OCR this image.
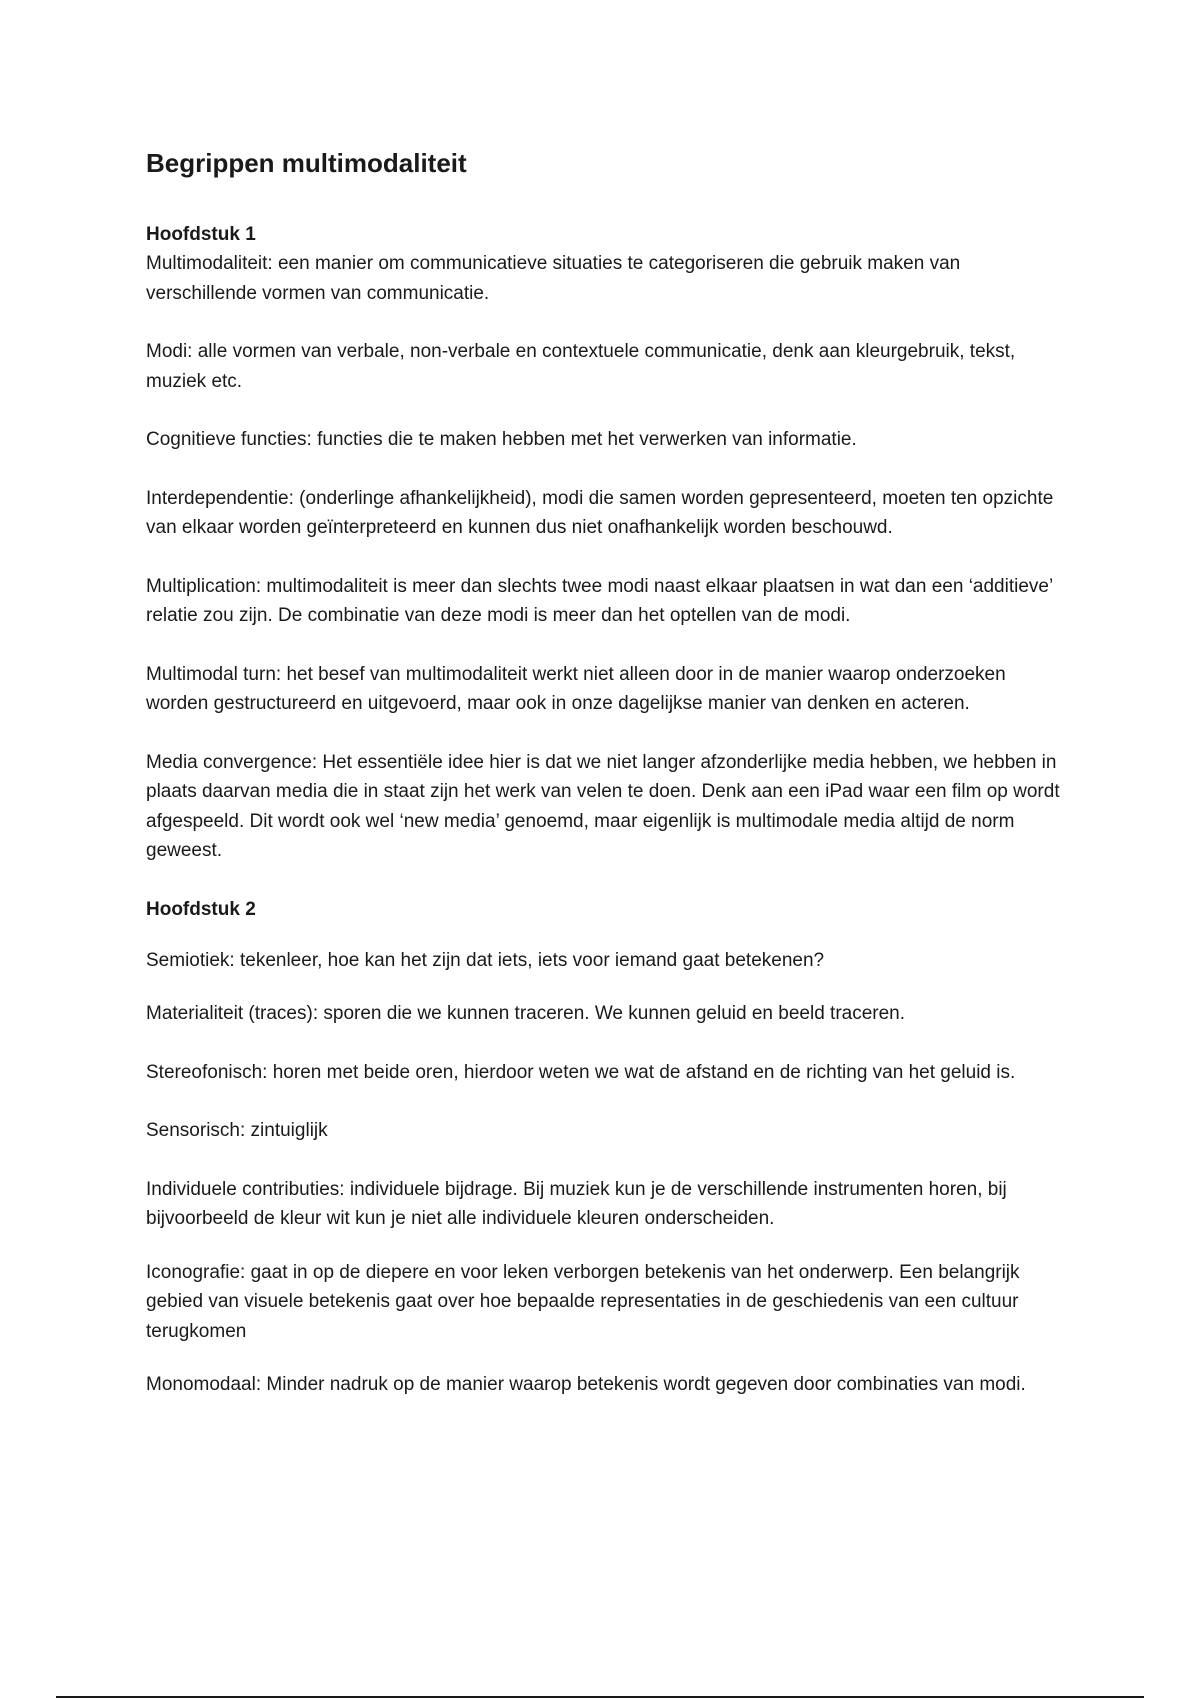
Begrippen multimodaliteit
Hoofdstuk 1

Multimodaliteit: een manier om communicatieve situaties te categoriseren die gebruik maken van verschillende vormen van communicatie.

Modi: alle vormen van verbale, non-verbale en contextuele communicatie, denk aan kleurgebruik, tekst, muziek etc.

Cognitieve functies: functies die te maken hebben met het verwerken van informatie.

Interdependentie: (onderlinge afhankelijkheid), modi die samen worden gepresenteerd, moeten ten opzichte van elkaar worden geïnterpreteerd en kunnen dus niet onafhankelijk worden beschouwd.

Multiplication: multimodaliteit is meer dan slechts twee modi naast elkaar plaatsen in wat dan een ‘additieve’ relatie zou zijn. De combinatie van deze modi is meer dan het optellen van de modi.

Multimodal turn: het besef van multimodaliteit werkt niet alleen door in de manier waarop onderzoeken worden gestructureerd en uitgevoerd, maar ook in onze dagelijkse manier van denken en acteren.

Media convergence: Het essentiële idee hier is dat we niet langer afzonderlijke media hebben, we hebben in plaats daarvan media die in staat zijn het werk van velen te doen. Denk aan een iPad waar een film op wordt afgespeeld. Dit wordt ook wel ‘new media’ genoemd, maar eigenlijk is multimodale media altijd de norm geweest.

Hoofdstuk 2

Semiotiek: tekenleer, hoe kan het zijn dat iets, iets voor iemand gaat betekenen?

Materialiteit (traces): sporen die we kunnen traceren. We kunnen geluid en beeld traceren.

Stereofonisch: horen met beide oren, hierdoor weten we wat de afstand en de richting van het geluid is.

Sensorisch: zintuiglijk

Individuele contributies: individuele bijdrage. Bij muziek kun je de verschillende instrumenten horen, bij bijvoorbeeld de kleur wit kun je niet alle individuele kleuren onderscheiden.

Iconografie: gaat in op de diepere en voor leken verborgen betekenis van het onderwerp. Een belangrijk gebied van visuele betekenis gaat over hoe bepaalde representaties in de geschiedenis van een cultuur terugkomen

Monomodaal: Minder nadruk op de manier waarop betekenis wordt gegeven door combinaties van modi.
